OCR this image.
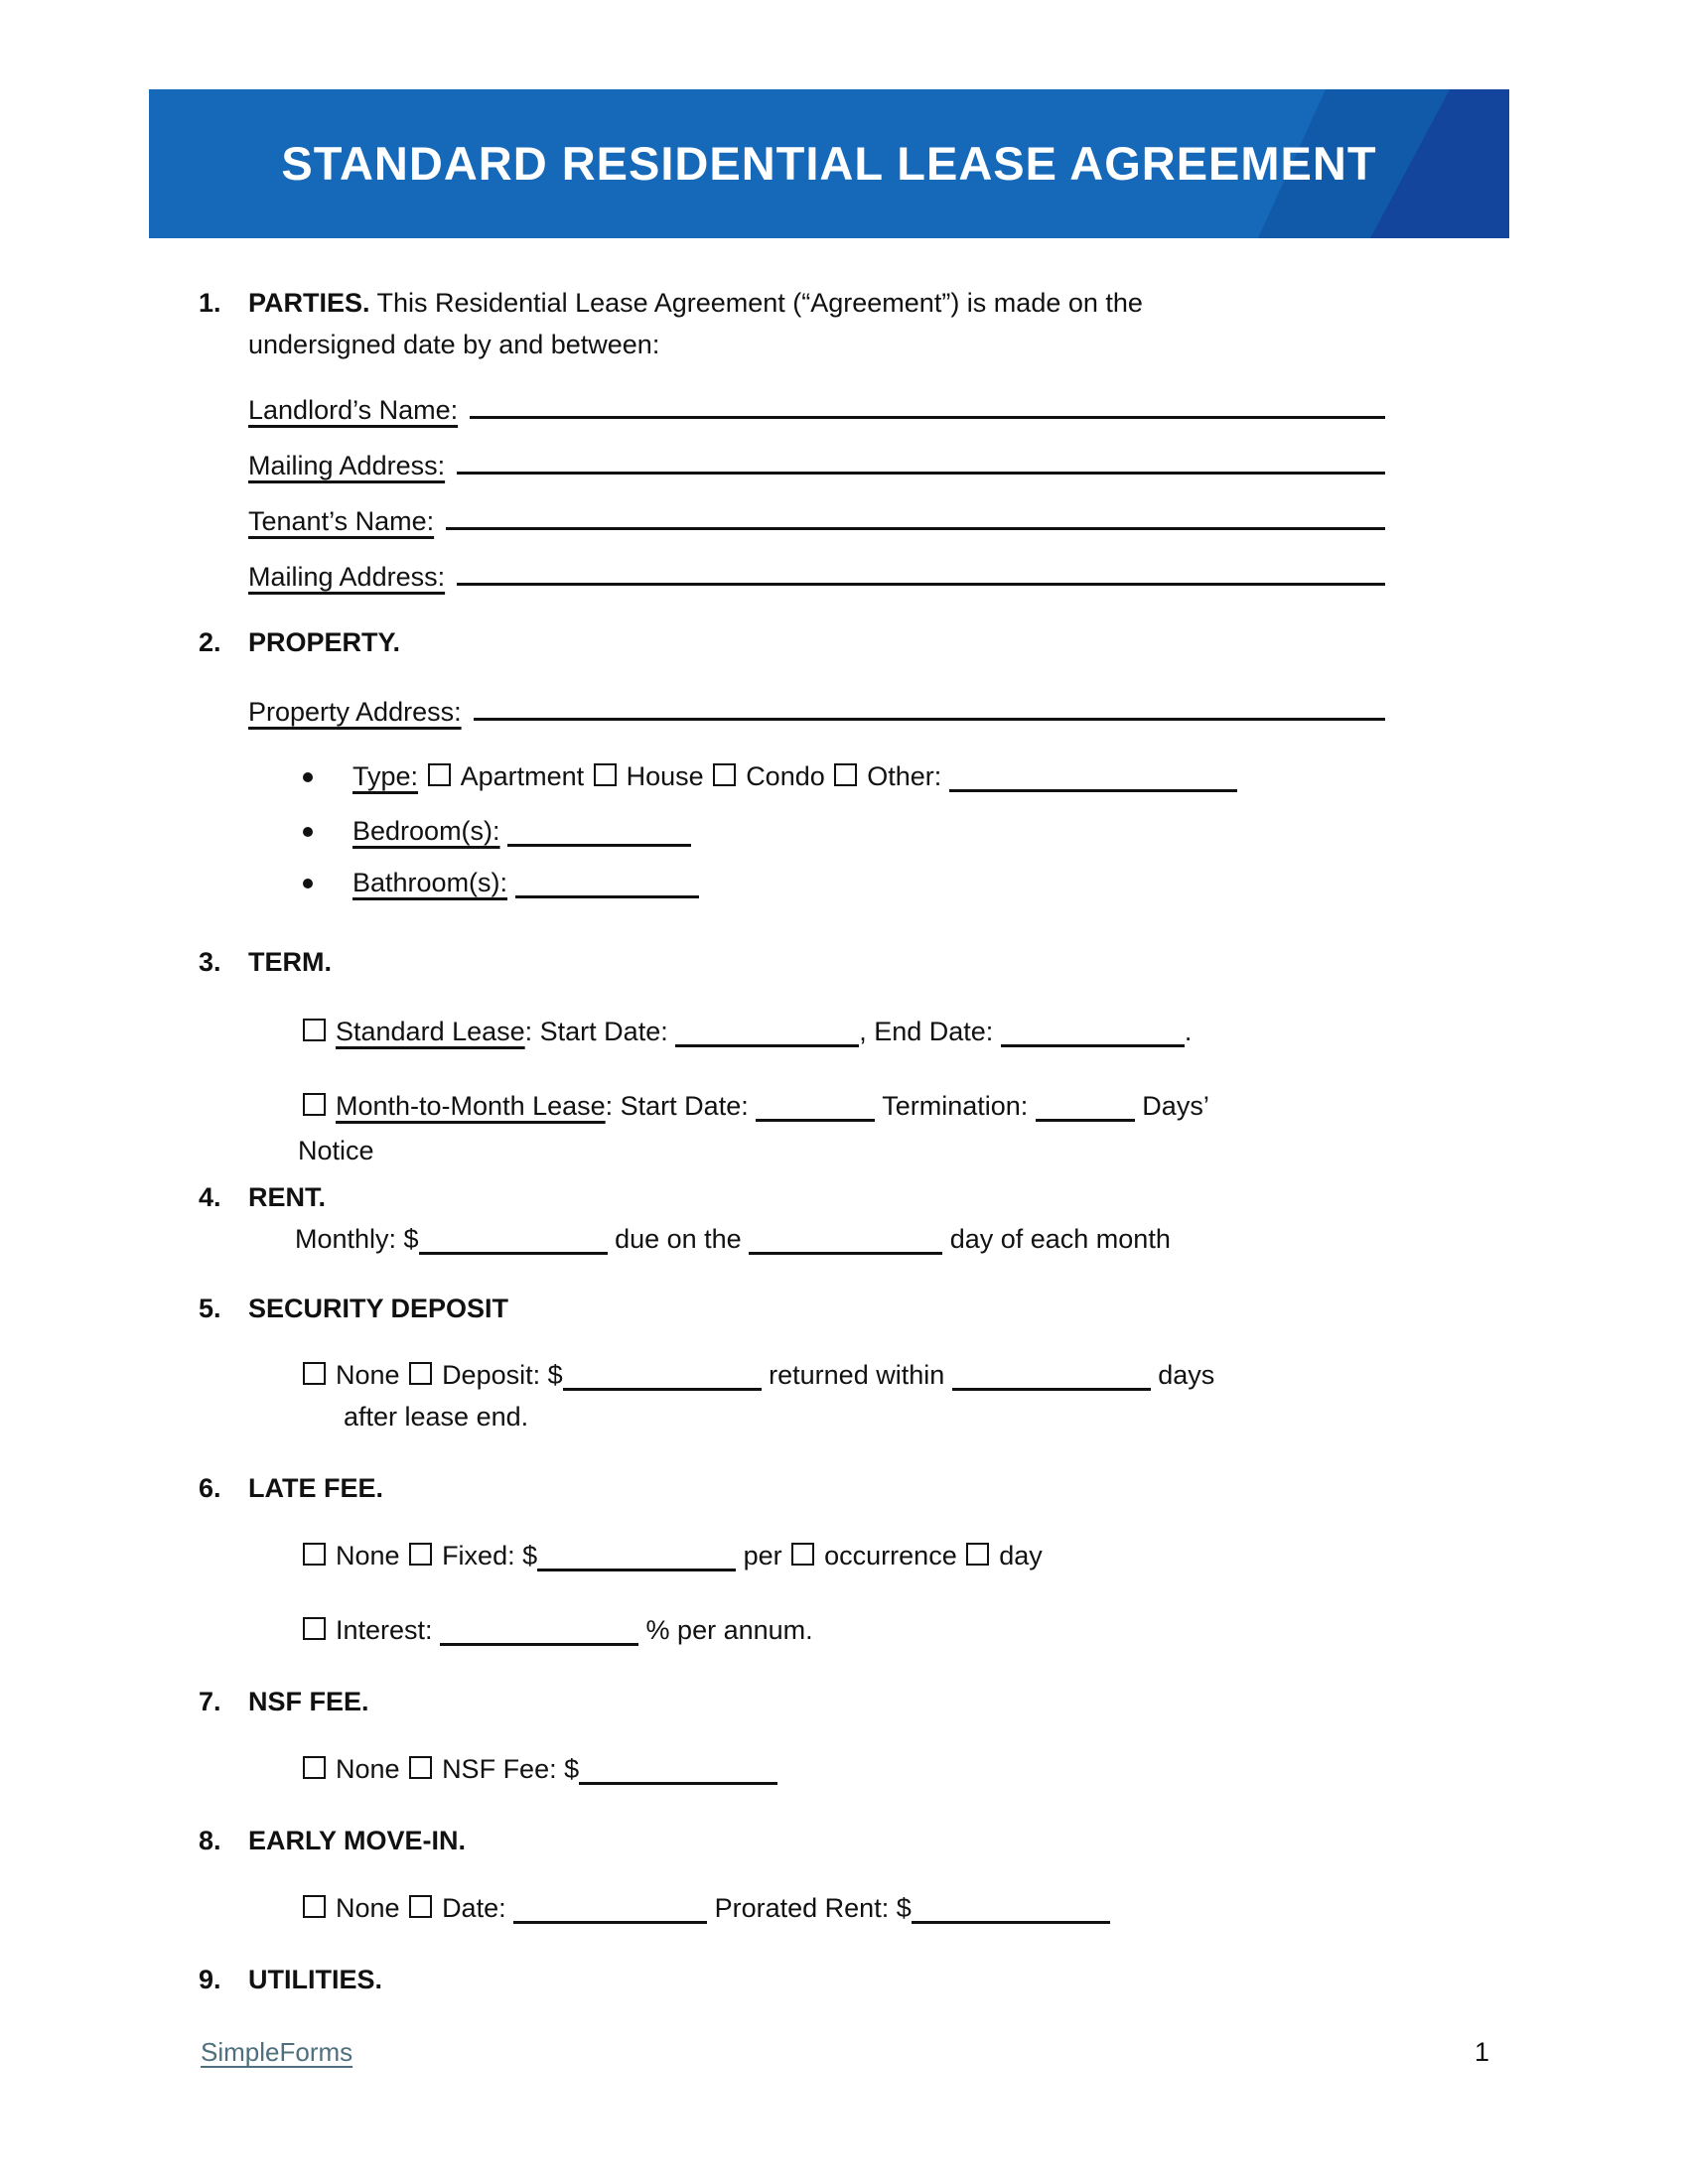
STANDARD RESIDENTIAL LEASE AGREEMENT
1. PARTIES. This Residential Lease Agreement (“Agreement”) is made on the
undersigned date by and between:
Landlord’s Name:
Mailing Address:
Tenant’s Name:
Mailing Address:
2. PROPERTY.
Property Address:
Type: Apartment House Condo Other:
Bedroom(s):
Bathroom(s):
3. TERM.
Standard Lease: Start Date:	, End Date:	.
Month-to-Month Lease: Start Date:	Termination:	Days’
Notice
4. RENT.
Monthly: $	due on the	day of each month
5. SECURITY DEPOSIT
None Deposit: $	returned within	days
after lease end.
6. LATE FEE.
None Fixed: $	per occurrence day
Interest:	% per annum.
7. NSF FEE.
None NSF Fee: $
8. EARLY MOVE-IN.
None Date:	Prorated Rent: $
9. UTILITIES.
SimpleForms	1
